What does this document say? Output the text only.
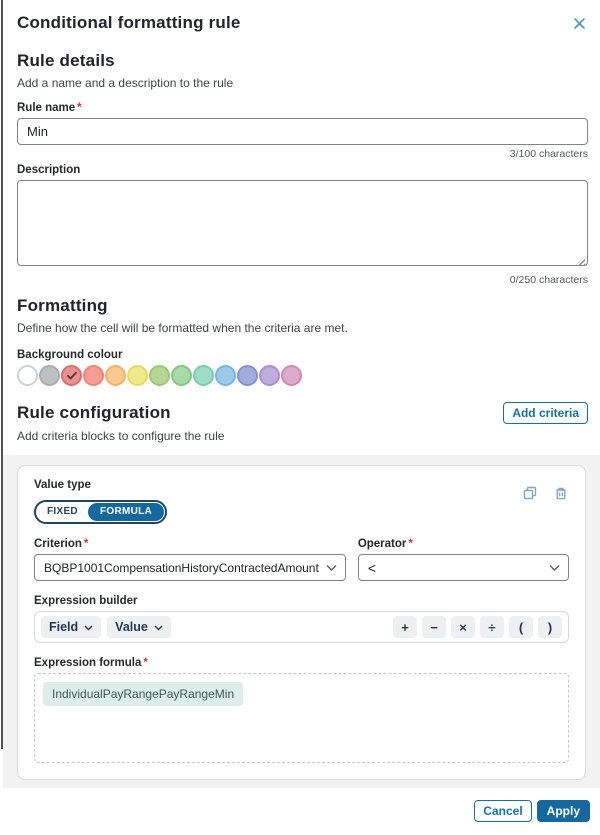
Conditional formatting rule
Rule details
Add a name and a description to the rule
Rule name *
Min
3/100 characters
Description
0/250 characters
Formatting
Define how the cell will be formatted when the criteria are met.
Background colour
Rule configuration	Add criteria
Add criteria blocks to configure the rule
Value type
FIXED	FORMULA
Criterion *
BQBP1001CompensationHistoryContractedAmount
Operator *
<
Expression builder
Field	Value	+	−	×	÷	(	)
Expression formula *
IndividualPayRangePayRangeMin
Cancel	Apply
